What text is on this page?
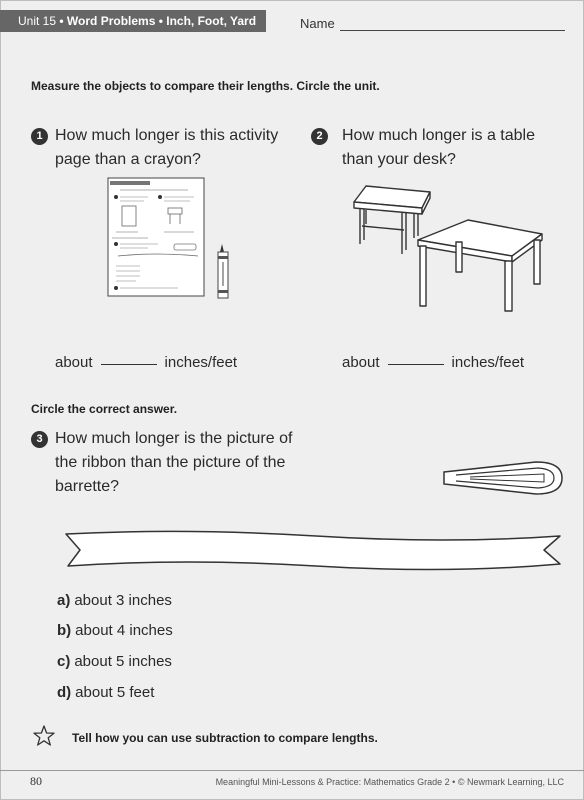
Unit 15 • Word Problems • Inch, Foot, Yard	Name
Measure the objects to compare their lengths. Circle the unit.
1 How much longer is this activity page than a crayon?

about	inches/feet
2	How much longer is a table than your desk?

about	inches/feet
Circle the correct answer.
3 How much longer is the picture of the ribbon than the picture of the barrette?

a) about 3 inches
b) about 4 inches
c) about 5 inches
d) about 5 feet
Tell how you can use subtraction to compare lengths.
80	Meaningful Mini-Lessons & Practice: Mathematics Grade 2 • © Newmark Learning, LLC
